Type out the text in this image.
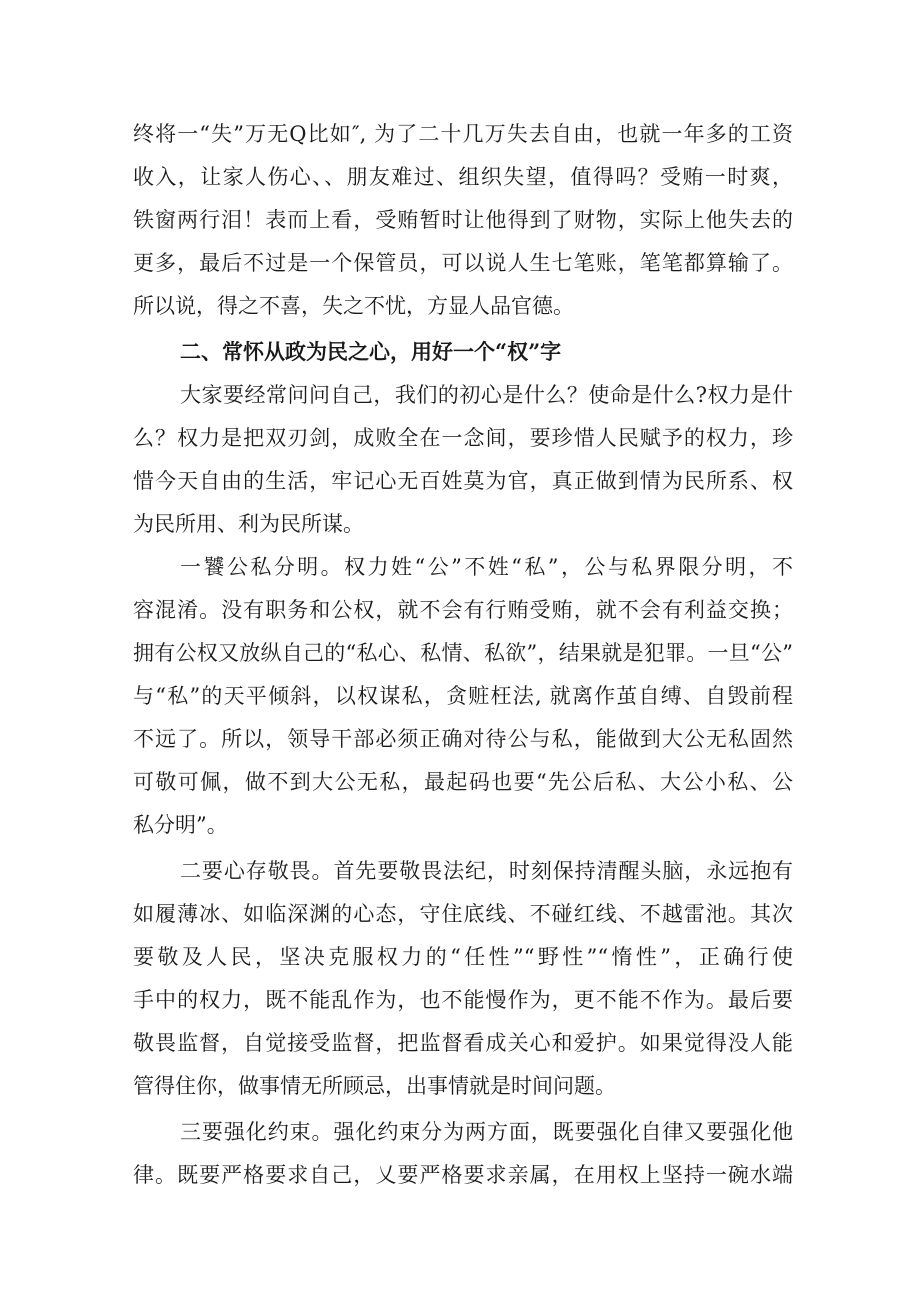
终将一“失”万无Q比如″, 为了二十几万失去自由，也就一年多的工资
收入，让家人伤心、、朋友难过、组织失望，值得吗？受贿一时爽，
铁窗两行泪！表而上看，受贿暂时让他得到了财物，实际上他失去的
更多，最后不过是一个保管员，可以说人生七笔账，笔笔都算输了。
所以说，得之不喜，失之不忧，方显人品官德。
二、常怀从政为民之心，用好一个“权”字
大家要经常问问自己，我们的初心是什么？使命是什么?权力是什
么？权力是把双刃剑，成败全在一念间，要珍惜人民赋予的权力，珍
惜今天自由的生活，牢记心无百姓莫为官，真正做到情为民所系、权
为民所用、利为民所谋。
一饕公私分明。权力姓“公”不姓“私”，公与私界限分明，不
容混淆。没有职务和公权，就不会有行贿受贿，就不会有利益交换；
拥有公权又放纵自己的“私心、私情、私欲”，结果就是犯罪。一旦“公”
与“私”的天平倾斜，以权谋私，贪赃枉法, 就离作茧自缚、自毁前程
不远了。所以，领导干部必须正确对待公与私，能做到大公无私固然
可敬可佩，做不到大公无私，最起码也要“先公后私、大公小私、公
私分明”。
二要心存敬畏。首先要敬畏法纪，时刻保持清醒头脑，永远抱有
如履薄冰、如临深渊的心态，守住底线、不碰红线、不越雷池。其次
要敬及人民，坚决克服权力的“任性”“野性”“惰性”，正确行使
手中的权力，既不能乱作为，也不能慢作为，更不能不作为。最后要
敬畏监督，自觉接受监督，把监督看成关心和爱护。如果觉得没人能
管得住你，做事情无所顾忌，出事情就是时间问题。
三要强化约束。强化约束分为两方面，既要强化自律又要强化他
律。既要严格要求自己，乂要严格要求亲属，在用权上坚持一碗水端
